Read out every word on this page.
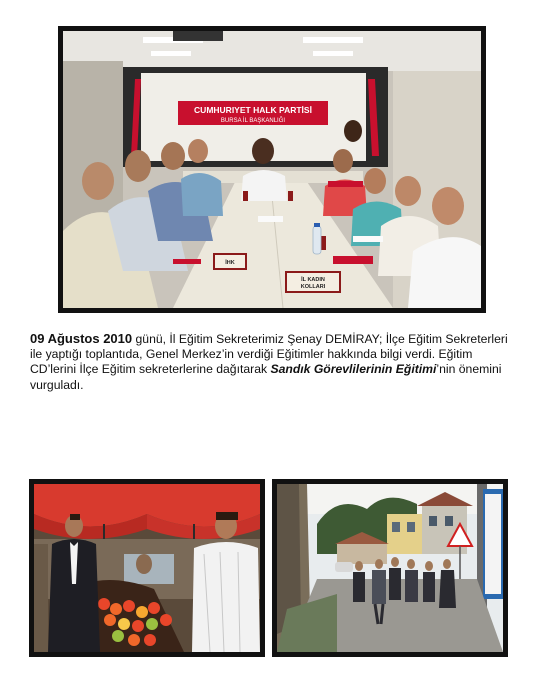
CUMHURIYET HALK PARTİSİ
BURSA İL BAŞKANLIĞI
İHK
İL KADIN
KOLLARI
09 Ağustos 2010 günü, İl Eğitim Sekreterimiz Şenay DEMİRAY; İlçe Eğitim Sekreterleri ile yaptığı toplantıda, Genel Merkez’in verdiği Eğitimler hakkında bilgi verdi. Eğitim CD’lerini İlçe Eğitim sekreterlerine dağıtarak Sandık Görevlilerinin Eğitimi’nin önemini vurguladı.
